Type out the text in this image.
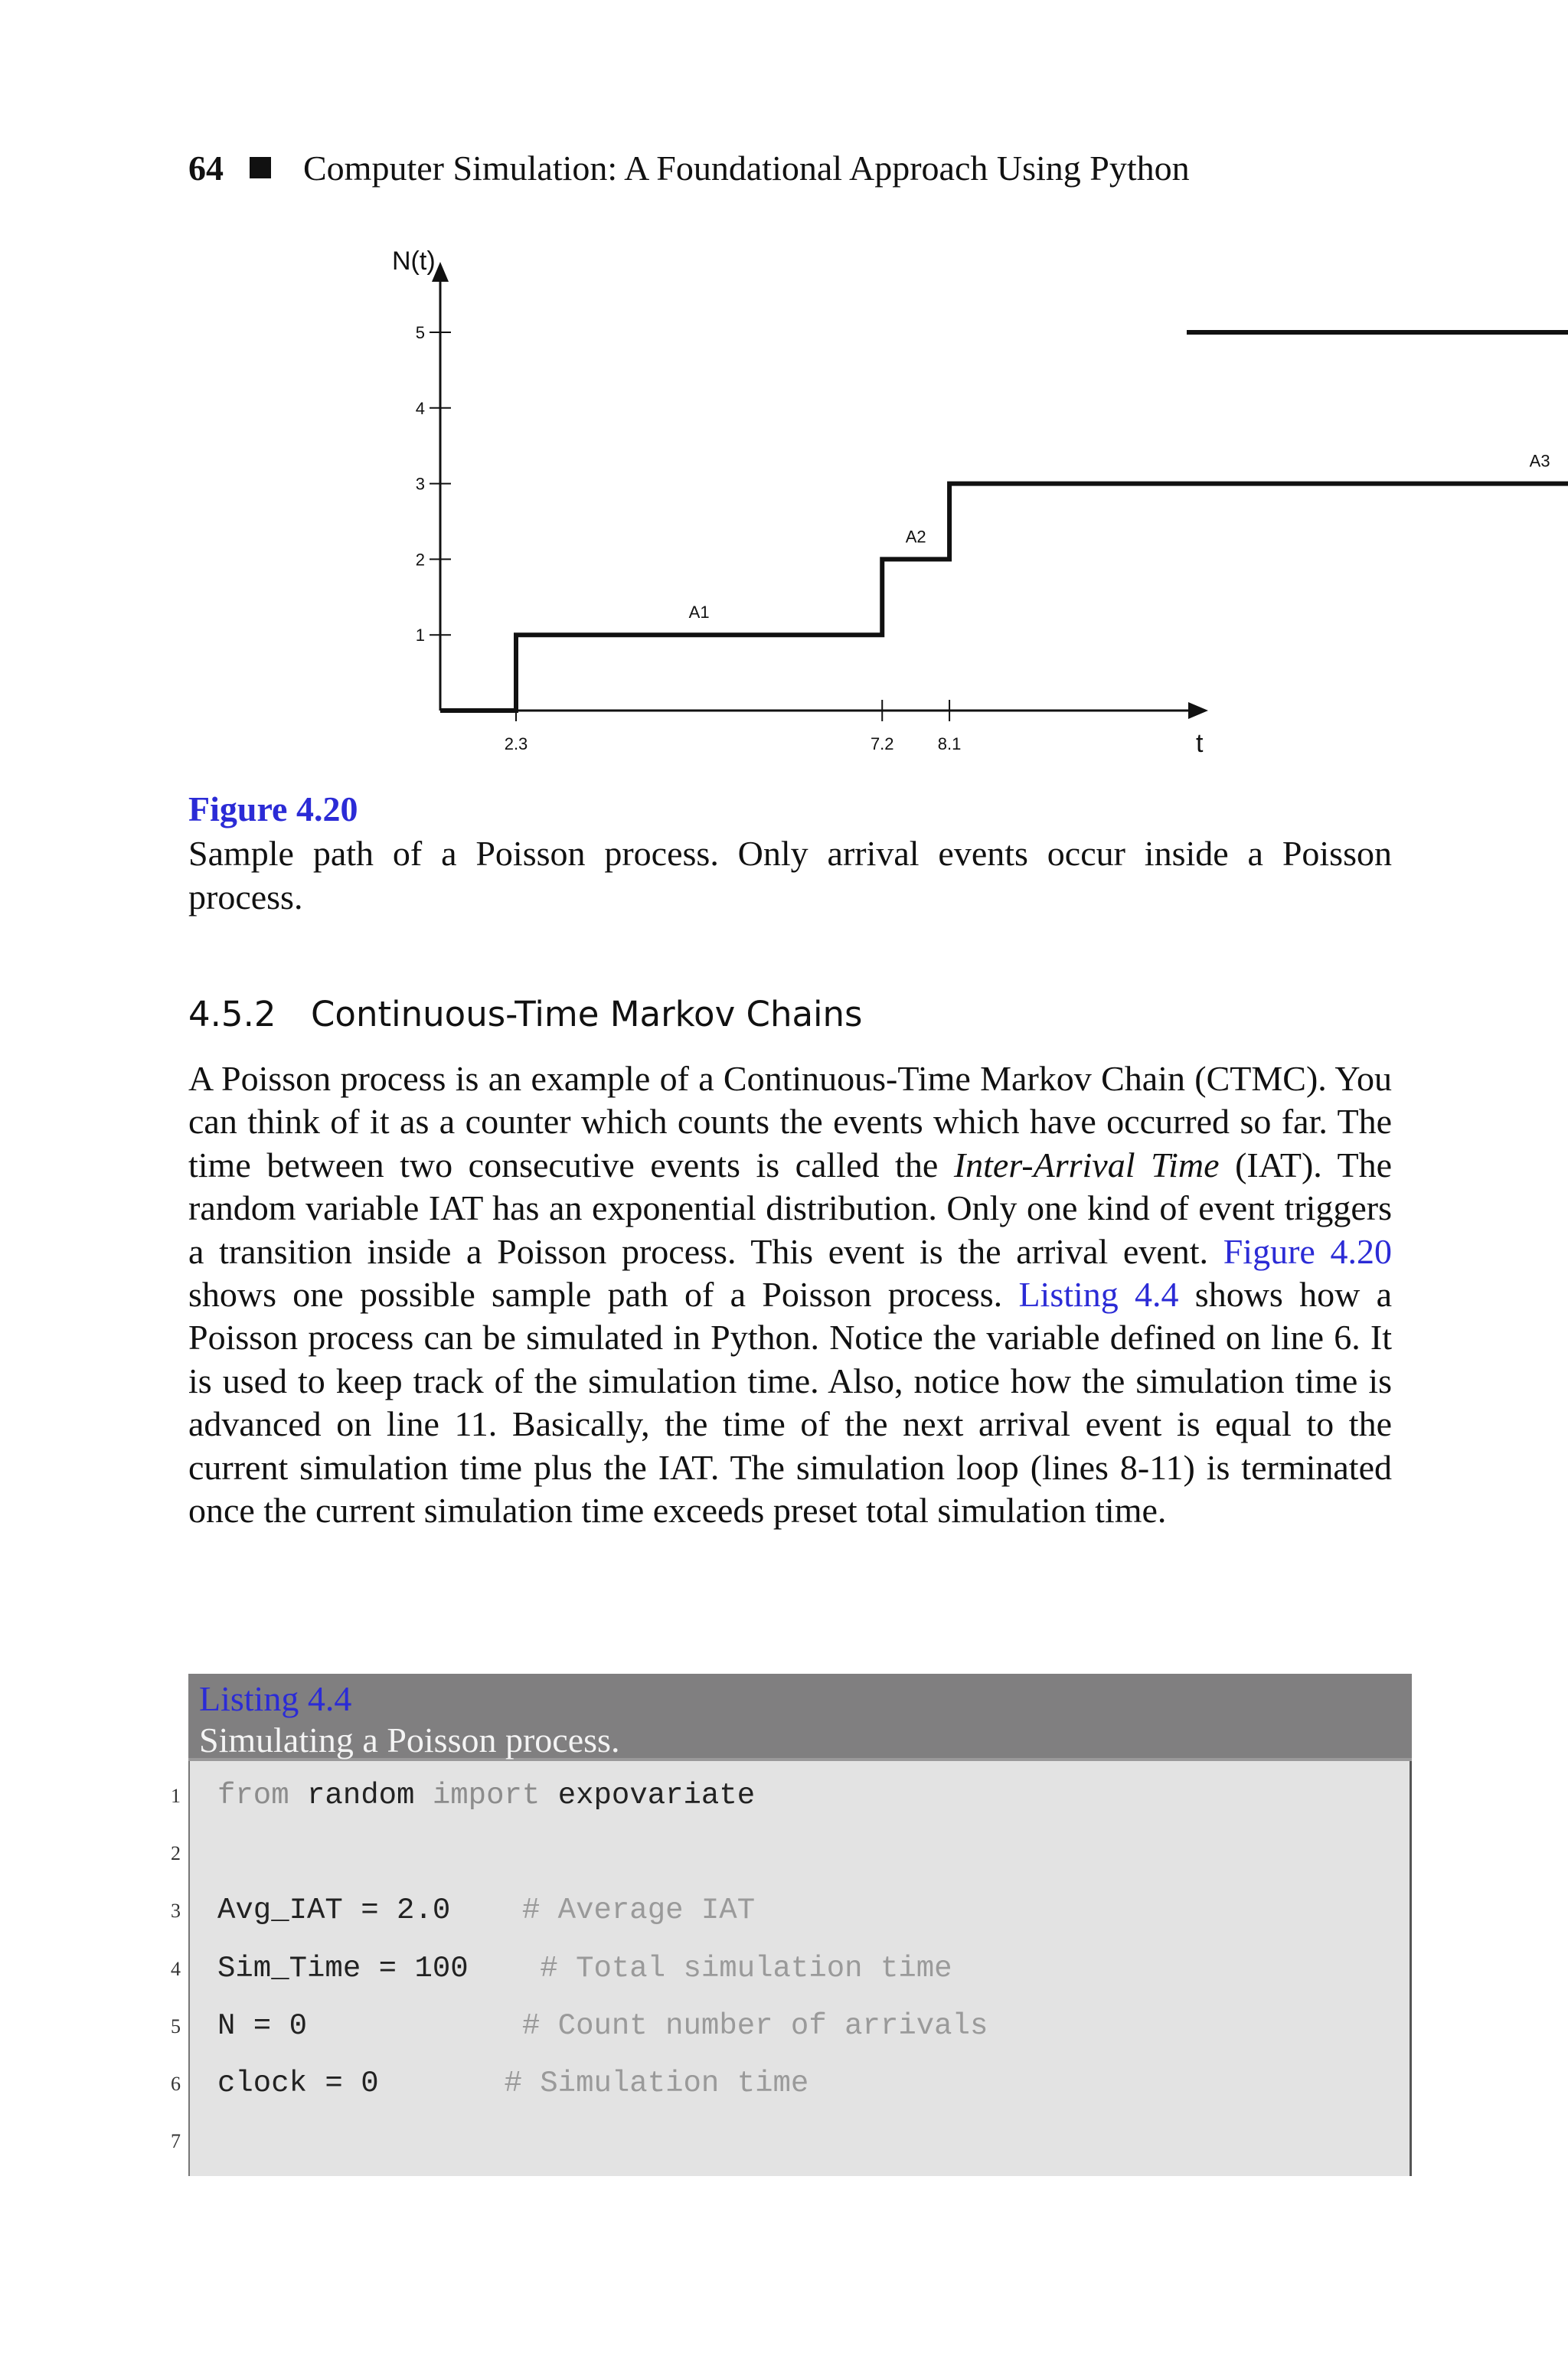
64 Computer Simulation: A Foundational Approach Using Python
N(t)
t
1
2
3
4
5
2.3	7.2	8.1
A1
A2
A3
Figure 4.20
Sample path of a Poisson process. Only arrival events occur inside a Poisson process.
4.5.2 Continuous-Time Markov Chains
A Poisson process is an example of a Continuous-Time Markov Chain (CTMC). You can think of it as a counter which counts the events which have occurred so far. The time between two consecutive events is called the Inter-Arrival Time (IAT). The random variable IAT has an exponential distribution. Only one kind of event triggers a transition inside a Poisson process. This event is the arrival event. Figure 4.20 shows one possible sample path of a Poisson process. Listing 4.4 shows how a Poisson process can be simulated in Python. Notice the variable defined on line 6. It is used to keep track of the simulation time. Also, notice how the simulation time is advanced on line 11. Basically, the time of the next arrival event is equal to the current simulation time plus the IAT. The simulation loop (lines 8-11) is terminated once the current simulation time exceeds preset total simulation time.
Listing 4.4
Simulating a Poisson process.
1 from random import expovariate
2
3 Avg_IAT = 2.0    # Average IAT
4 Sim_Time = 100    # Total simulation time
5 N = 0            # Count number of arrivals
6 clock = 0       # Simulation time
7
